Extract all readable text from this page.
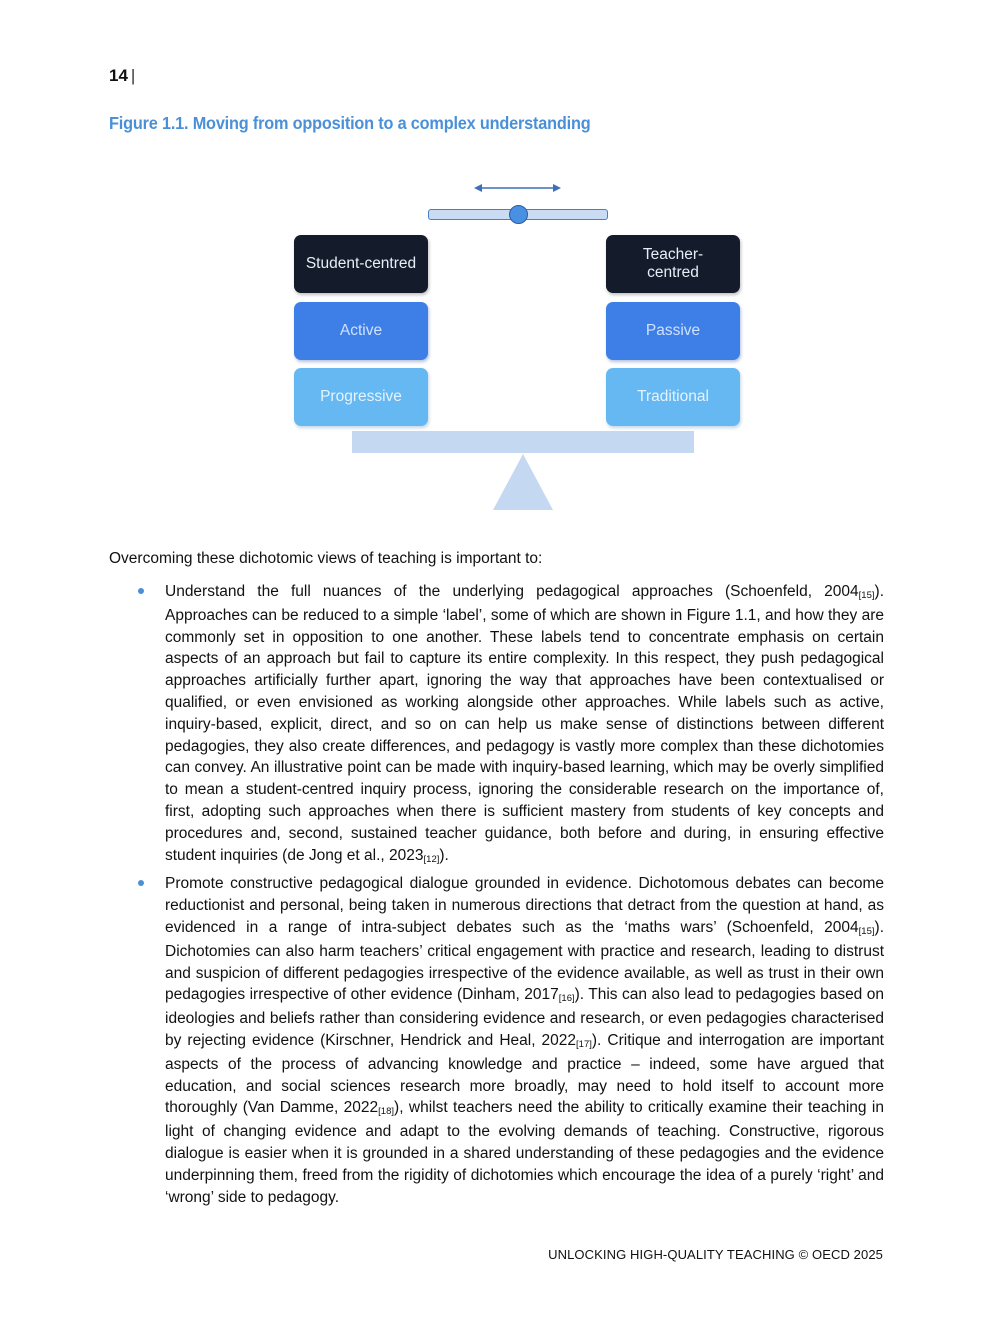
14 |
Figure 1.1. Moving from opposition to a complex understanding
Student-centred
Active
Progressive
Teacher-centred
Passive
Traditional
Overcoming these dichotomic views of teaching is important to:

Understand the full nuances of the underlying pedagogical approaches (Schoenfeld, $2004_{[15]}$). Approaches can be reduced to a simple ‘label’, some of which are shown in Figure 1.1, and how they are commonly set in opposition to one another. These labels tend to concentrate emphasis on certain aspects of an approach but fail to capture its entire complexity. In this respect, they push pedagogical approaches artificially further apart, ignoring the way that approaches have been contextualised or qualified, or even envisioned as working alongside other approaches. While labels such as active, inquiry-based, explicit, direct, and so on can help us make sense of distinctions between different pedagogies, they also create differences, and pedagogy is vastly more complex than these dichotomies can convey. An illustrative point can be made with inquiry-based learning, which may be overly simplified to mean a student-centred inquiry process, ignoring the considerable research on the importance of, first, adopting such approaches when there is sufficient mastery from students of key concepts and procedures and, second, sustained teacher guidance, both before and during, in ensuring effective student inquiries (de Jong et al., $2023_{[12]}$).

Promote constructive pedagogical dialogue grounded in evidence. Dichotomous debates can become reductionist and personal, being taken in numerous directions that detract from the question at hand, as evidenced in a range of intra-subject debates such as the ‘maths wars’ (Schoenfeld, $2004_{[15]}$). Dichotomies can also harm teachers’ critical engagement with practice and research, leading to distrust and suspicion of different pedagogies irrespective of the evidence available, as well as trust in their own pedagogies irrespective of other evidence (Dinham, $2017_{[16]}$). This can also lead to pedagogies based on ideologies and beliefs rather than considering evidence and research, or even pedagogies characterised by rejecting evidence (Kirschner, Hendrick and Heal, $2022_{[17]}$). Critique and interrogation are important aspects of the process of advancing knowledge and practice – indeed, some have argued that education, and social sciences research more broadly, may need to hold itself to account more thoroughly (Van Damme, $2022_{[18]}$), whilst teachers need the ability to critically examine their teaching in light of changing evidence and adapt to the evolving demands of teaching. Constructive, rigorous dialogue is easier when it is grounded in a shared understanding of these pedagogies and the evidence underpinning them, freed from the rigidity of dichotomies which encourage the idea of a purely ‘right’ and ‘wrong’ side to pedagogy.

UNLOCKING HIGH-QUALITY TEACHING © OECD 2025
